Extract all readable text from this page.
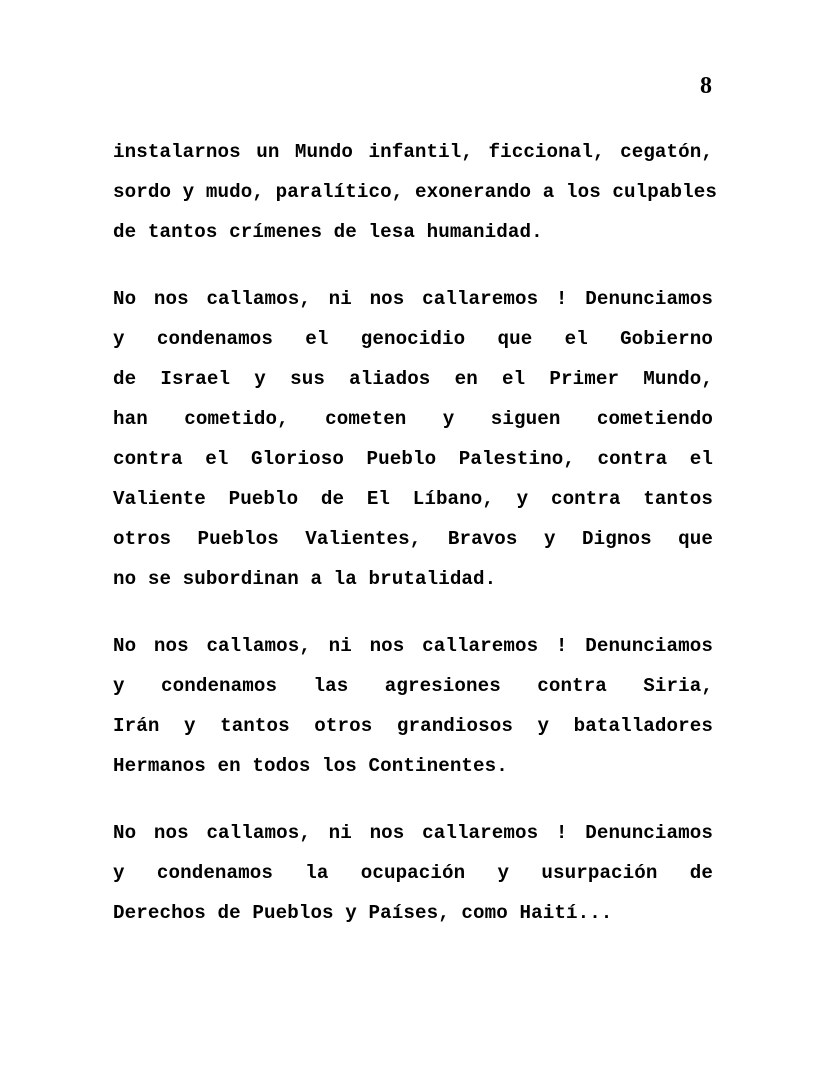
8
instalarnos un Mundo infantil, ficcional, cegatón,
sordo y mudo, paralítico, exonerando a los culpables
de tantos crímenes de lesa humanidad.
No nos callamos, ni nos callaremos ! Denunciamos
y condenamos el genocidio que el Gobierno
de Israel y sus aliados en el Primer Mundo,
han cometido, cometen y siguen cometiendo
contra el Glorioso Pueblo Palestino, contra el
Valiente Pueblo de El Líbano, y contra tantos
otros Pueblos Valientes, Bravos y Dignos que
no se subordinan a la brutalidad.
No nos callamos, ni nos callaremos ! Denunciamos
y condenamos las agresiones contra Siria,
Irán y tantos otros grandiosos y batalladores
Hermanos en todos los Continentes.
No nos callamos, ni nos callaremos ! Denunciamos
y condenamos la ocupación y usurpación de
Derechos de Pueblos y Países, como Haití...
